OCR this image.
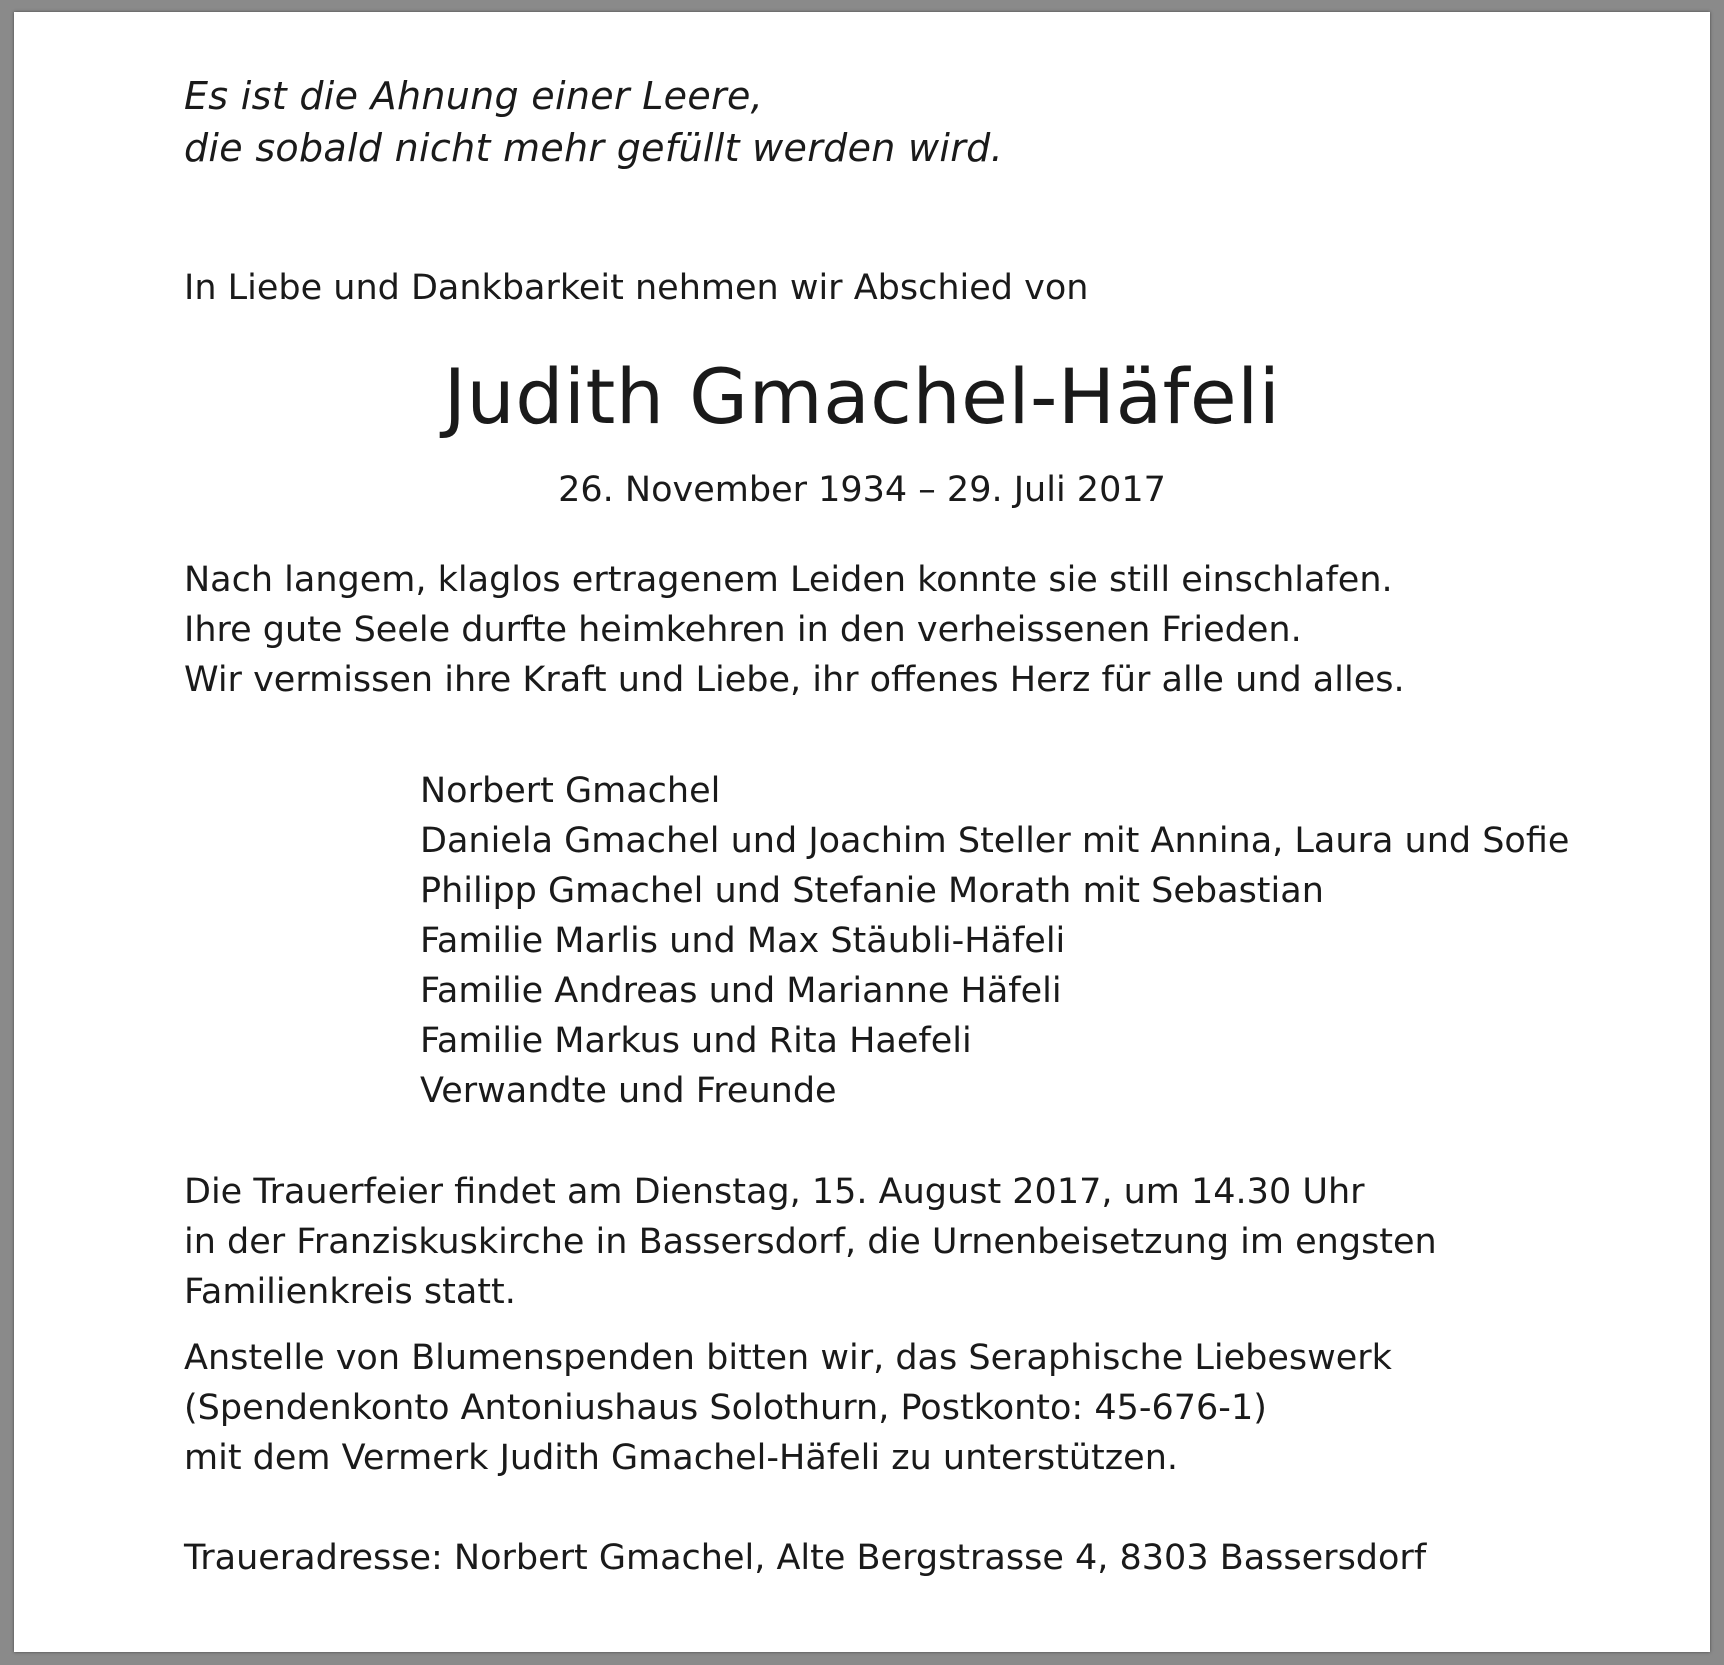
Es ist die Ahnung einer Leere,
die sobald nicht mehr gefüllt werden wird.
In Liebe und Dankbarkeit nehmen wir Abschied von
Judith Gmachel-Häfeli
26. November 1934 – 29. Juli 2017
Nach langem, klaglos ertragenem Leiden konnte sie still einschlafen.
Ihre gute Seele durfte heimkehren in den verheissenen Frieden.
Wir vermissen ihre Kraft und Liebe, ihr offenes Herz für alle und alles.
Norbert Gmachel
Daniela Gmachel und Joachim Steller mit Annina, Laura und Sofie
Philipp Gmachel und Stefanie Morath mit Sebastian
Familie Marlis und Max Stäubli-Häfeli
Familie Andreas und Marianne Häfeli
Familie Markus und Rita Haefeli
Verwandte und Freunde
Die Trauerfeier findet am Dienstag, 15. August 2017, um 14.30 Uhr
in der Franziskuskirche in Bassersdorf, die Urnenbeisetzung im engsten
Familienkreis statt.
Anstelle von Blumenspenden bitten wir, das Seraphische Liebeswerk
(Spendenkonto Antoniushaus Solothurn, Postkonto: 45-676-1)
mit dem Vermerk Judith Gmachel-Häfeli zu unterstützen.
Traueradresse: Norbert Gmachel, Alte Bergstrasse 4, 8303 Bassersdorf
